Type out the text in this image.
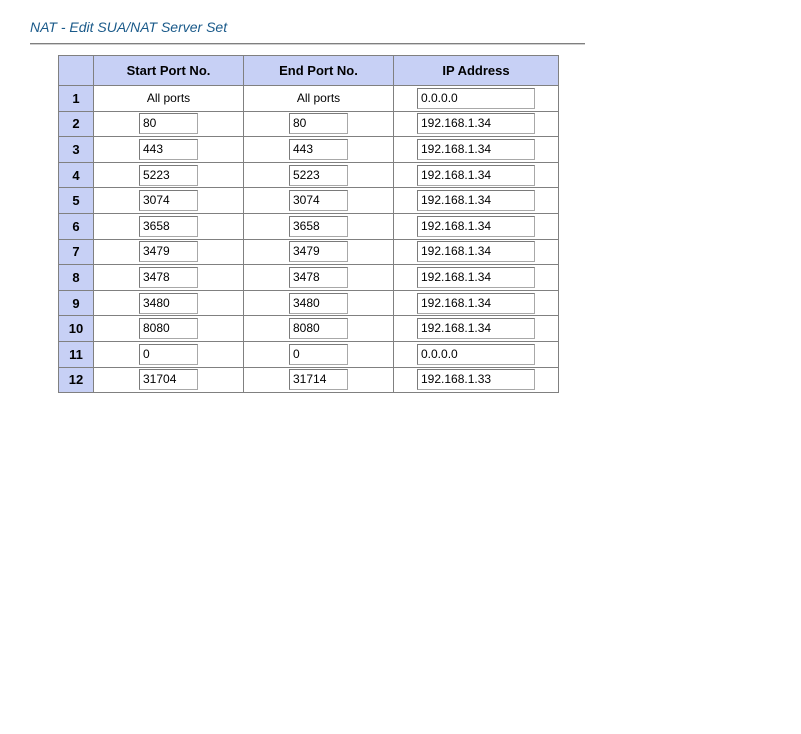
NAT - Edit SUA/NAT Server Set
	Start Port No.	End Port No.	IP Address
1	All ports	All ports	0.0.0.0
2	80	80	192.168.1.34
3	443	443	192.168.1.34
4	5223	5223	192.168.1.34
5	3074	3074	192.168.1.34
6	3658	3658	192.168.1.34
7	3479	3479	192.168.1.34
8	3478	3478	192.168.1.34
9	3480	3480	192.168.1.34
10	8080	8080	192.168.1.34
11	0	0	0.0.0.0
12	31704	31714	192.168.1.33
